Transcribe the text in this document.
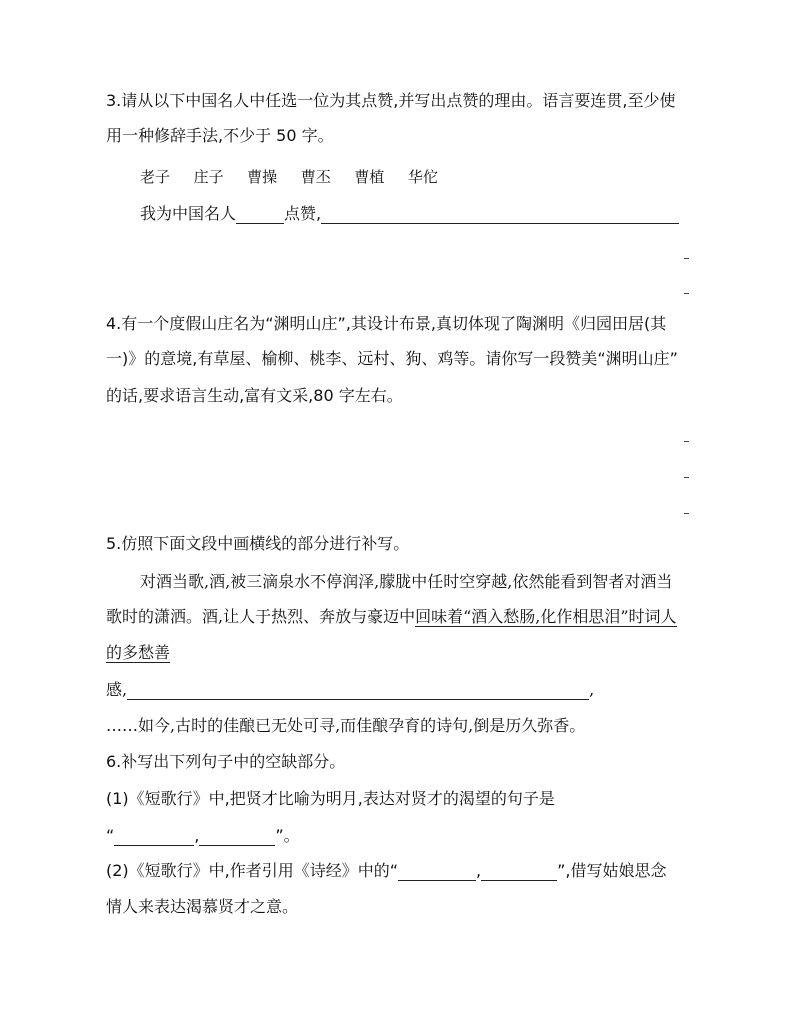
3.请从以下中国名人中任选一位为其点赞,并写出点赞的理由。语言要连贯,至少使
用一种修辞手法,不少于 50 字。
老子 庄子 曹操 曹丕 曹植 华佗
我为中国名人	点赞,
4.有一个度假山庄名为“渊明山庄”,其设计布景,真切体现了陶渊明《归园田居(其
一)》的意境,有草屋、榆柳、桃李、远村、狗、鸡等。请你写一段赞美“渊明山庄”
的话,要求语言生动,富有文采,80 字左右。
5.仿照下面文段中画横线的部分进行补写。
对酒当歌,酒,被三滴泉水不停润泽,朦胧中任时空穿越,依然能看到智者对酒当
歌时的潇洒。酒,让人于热烈、奔放与豪迈中回味着“酒入愁肠,化作相思泪”时词人
的多愁善
感,	,
……如今,古时的佳酿已无处可寻,而佳酿孕育的诗句,倒是历久弥香。
6.补写出下列句子中的空缺部分。
(1)《短歌行》中,把贤才比喻为明月,表达对贤才的渴望的句子是
“	,	”。
(2)《短歌行》中,作者引用《诗经》中的“	,	”,借写姑娘思念
情人来表达渴慕贤才之意。
